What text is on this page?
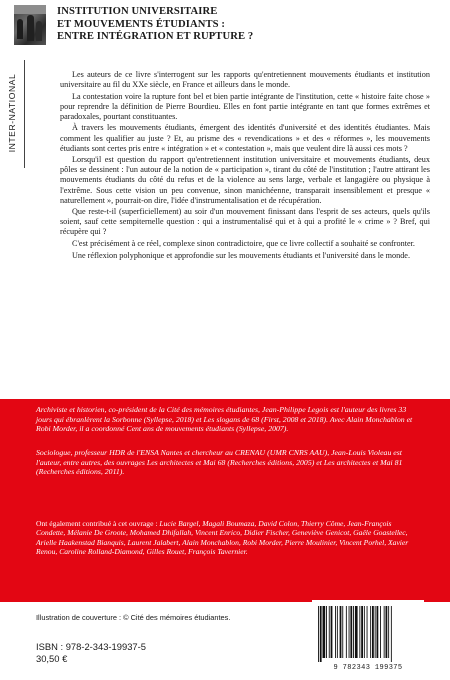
INSTITUTION UNIVERSITAIRE
ET MOUVEMENTS ÉTUDIANTS :
ENTRE INTÉGRATION ET RUPTURE ?
INTER-NATIONAL	Les auteurs de ce livre s'interrogent sur les rapports qu'entretiennent mouvements étudiants et institution universitaire au fil du XXe siècle, en France et ailleurs dans le monde.

La contestation voire la rupture font bel et bien partie intégrante de l'institution, cette « histoire faite chose » pour reprendre la définition de Pierre Bourdieu. Elles en font partie intégrante en tant que formes extrêmes et paradoxales, pourtant constituantes.

À travers les mouvements étudiants, émergent des identités d'université et des identités étudiantes. Mais comment les qualifier au juste ? Et, au prisme des « revendications » et des « réformes », les mouvements étudiants sont certes pris entre « intégration » et « contestation », mais que veulent dire là aussi ces mots ?

Lorsqu'il est question du rapport qu'entretiennent institution universitaire et mouvements étudiants, deux pôles se dessinent : l'un autour de la notion de « participation », tirant du côté de l'institution ; l'autre attirant les mouvements étudiants du côté du refus et de la violence au sens large, verbale et langagière ou physique à l'extrême. Sous cette vision un peu convenue, sinon manichéenne, transparait insensiblement et presque « naturellement », pourrait-on dire, l'idée d'instrumentalisation et de récupération.

Que reste-t-il (superficiellement) au soir d'un mouvement finissant dans l'esprit de ses acteurs, quels qu'ils soient, sauf cette sempiternelle question : qui a instrumentalisé qui et à qui a profité le « crime » ? Bref, qui récupère qui ?

C'est précisément à ce réel, complexe sinon contradictoire, que ce livre collectif a souhaité se confronter.

Une réflexion polyphonique et approfondie sur les mouvements étudiants et l'université dans le monde.

Archiviste et historien, co-président de la Cité des mémoires étudiantes, Jean-Philippe Legois est l'auteur des livres 33 jours qui ébranlèrent la Sorbonne (Syllepse, 2018) et Les slogans de 68 (First, 2008 et 2018). Avec Alain Monchablon et Robi Morder, il a coordonné Cent ans de mouvements étudiants (Syllepse, 2007).
Sociologue, professeur HDR de l'ENSA Nantes et chercheur au CRENAU (UMR CNRS AAU), Jean-Louis Violeau est l'auteur, entre autres, des ouvrages Les architectes et Mai 68 (Recherches éditions, 2005) et Les architectes et Mai 81 (Recherches éditions, 2011).
Ont également contribué à cet ouvrage : Lucie Bargel, Magali Boumaza, David Colon, Thierry Côme, Jean-François Condette, Mélanie De Groote, Mohamed Dhifallah, Vincent Enrico, Didier Fischer, Geneviève Genicot, Gaële Goastellec, Arielle Haakenstad Bianquis, Laurent Jalabert, Alain Monchablon, Robi Morder, Pierre Moulinier, Vincent Porhel, Xavier Renou, Caroline Rolland-Diamond, Gilles Rouet, François Tavernier.
Illustration de couverture : © Cité des mémoires étudiantes.
ISBN : 978-2-343-19937-5
30,50 €
9 782343 199375
